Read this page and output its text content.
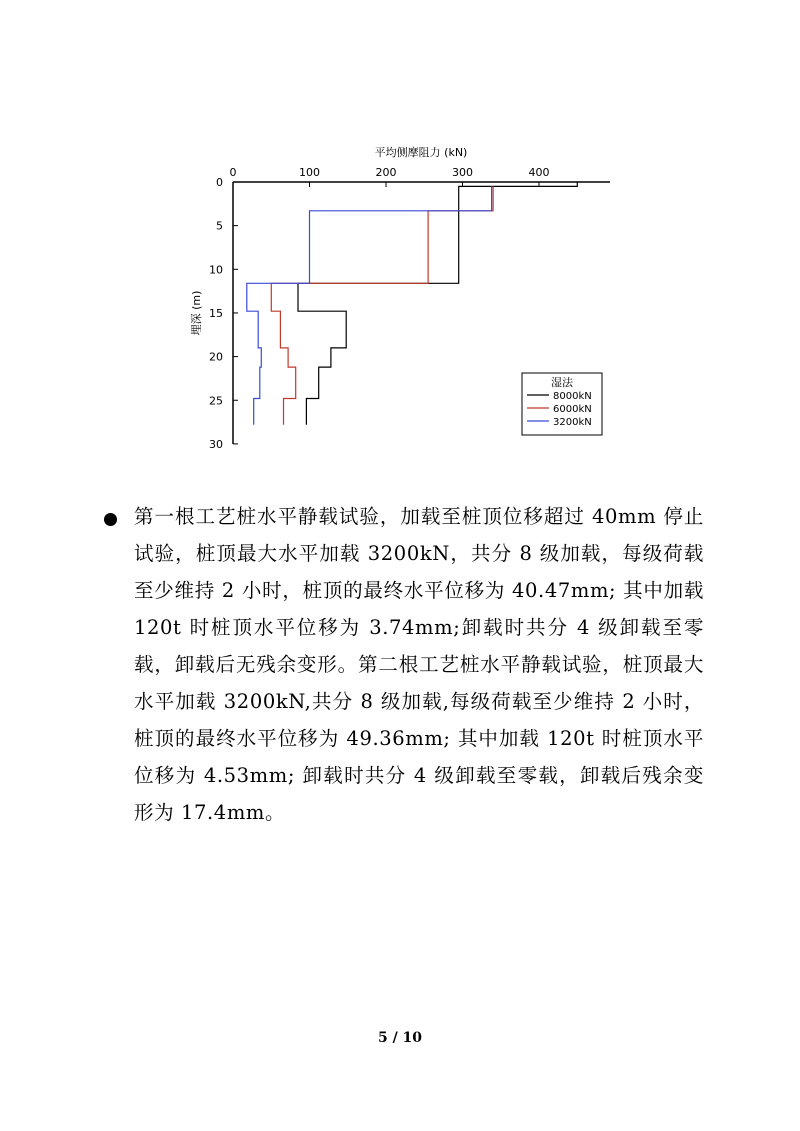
平均侧摩阻力 (kN)
0	100	200	300	400
0
5
10
15
20
25
30
埋深 (m)
湿法
8000kN
6000kN
3200kN

第一根工艺桩水平静载试验，加载至桩顶位移超过 40mm 停止试验，桩顶最大水平加载 3200kN，共分 8 级加载，每级荷载至少维持 2 小时，桩顶的最终水平位移为 40.47mm; 其中加载 120t 时桩顶水平位移为 3.74mm;卸载时共分 4 级卸载至零载，卸载后无残余变形。第二根工艺桩水平静载试验，桩顶最大水平加载 3200kN,共分 8 级加载,每级荷载至少维持 2 小时，桩顶的最终水平位移为 49.36mm; 其中加载 120t 时桩顶水平位移为 4.53mm; 卸载时共分 4 级卸载至零载，卸载后残余变形为 17.4mm。

5 / 10
